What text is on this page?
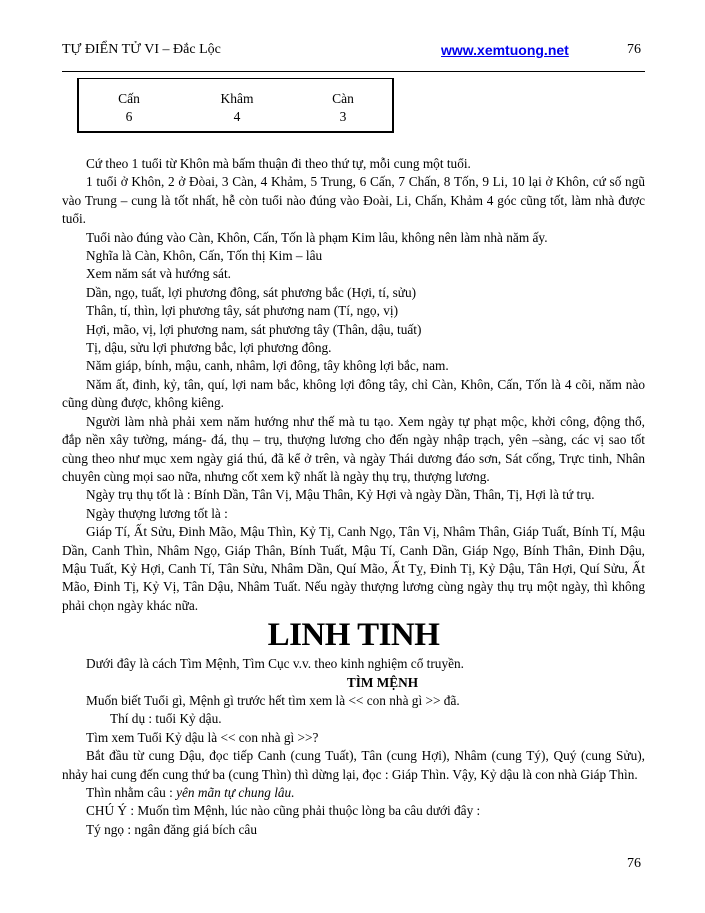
TỰ ĐIỂN TỬ VI – Đắc Lộc	www.xemtuong.net	76
Cấn	Khâm	Càn
6	4	3

Cứ theo 1 tuổi từ Khôn mà bấm thuận đi theo thứ tự, mỗi cung một tuổi.

1 tuổi ở Khôn, 2 ở Đòai, 3 Càn, 4 Khảm, 5 Trung, 6 Cấn, 7 Chấn, 8 Tốn, 9 Li, 10 lại ở Khôn, cứ số ngũ vào Trung – cung là tốt nhất, hễ còn tuổi nào đúng vào Đoài, Li, Chấn, Khảm 4 góc cũng tốt, làm nhà được tuổi.

Tuổi nào đúng vào Càn, Khôn, Cấn, Tốn là phạm Kim lâu, không nên làm nhà năm ấy.

Nghĩa là Càn, Khôn, Cấn, Tốn thị Kim – lâu

Xem năm sát và hướng sát.

Dần, ngọ, tuất, lợi phương đông, sát phương bắc (Hợi, tí, sửu)

Thân, tí, thìn, lợi phương tây, sát phương nam (Tí, ngọ, vị)

Hợi, mão, vị, lợi phương nam, sát phương tây (Thân, dậu, tuất)

Tị, dậu, sửu lợi phương bắc, lợi phương đông.

Năm giáp, bính, mậu, canh, nhâm, lợi đông, tây không lợi bắc, nam.

Năm ất, đinh, kỷ, tân, quí, lợi nam bắc, không lợi đông tây, chỉ Càn, Khôn, Cấn, Tốn là 4 cõi, năm nào cũng dùng được, không kiêng.

Người làm nhà phải xem năm hướng như thế mà tu tạo. Xem ngày tự phạt mộc, khởi công, động thổ, đắp nền xây tường, máng- đá, thụ – trụ, thượng lương cho đến ngày nhập trạch, yên –sàng, các vị sao tốt cùng theo như mục xem ngày giá thú, đã kể ở trên, và ngày Thái dương đáo sơn, Sát cống, Trực tinh, Nhân chuyên cùng mọi sao nữa, nhưng cốt xem kỹ nhất là ngày thụ trụ, thượng lương.

Ngày trụ thụ tốt là : Bính Dần, Tân Vị, Mậu Thân, Kỷ Hợi và ngày Dần, Thân, Tị, Hợi là tứ trụ.

Ngày thượng lương tốt là :

Giáp Tí, Ất Sửu, Đinh Mão, Mậu Thìn, Kỷ Tị, Canh Ngọ, Tân Vị, Nhâm Thân, Giáp Tuất, Bính Tí, Mậu Dần, Canh Thìn, Nhâm Ngọ, Giáp Thân, Bính Tuất, Mậu Tí, Canh Dần, Giáp Ngọ, Bính Thân, Đinh Dậu, Mậu Tuất, Kỷ Hợi, Canh Tí, Tân Sửu, Nhâm Dần, Quí Mão, Ất Tỵ, Đinh Tị, Kỷ Dậu, Tân Hợi, Quí Sửu, Ất Mão, Đinh Tị, Kỷ Vị, Tân Dậu, Nhâm Tuất. Nếu ngày thượng lương cùng ngày thụ trụ một ngày, thì không phải chọn ngày khác nữa.

LINH TINH

Dưới đây là cách Tìm Mệnh, Tìm Cục v.v. theo kinh nghiệm cổ truyền.

TÌM MỆNH

Muốn biết Tuổi gì, Mệnh gì trước hết tìm xem là << con nhà gì >> đã.

Thí dụ : tuổi Kỷ dậu.

Tìm xem Tuổi Kỷ dậu là << con nhà gì >>?

Bắt đầu từ cung Dậu, đọc tiếp Canh (cung Tuất), Tân (cung Hợi), Nhâm (cung Tý), Quý (cung Sửu), nhảy hai cung đến cung thứ ba (cung Thìn) thì dừng lại, đọc : Giáp Thìn. Vậy, Kỷ dậu là con nhà Giáp Thìn.

Thìn nhằm câu : yên mãn tự chung lâu.

CHÚ Ý : Muốn tìm Mệnh, lúc nào cũng phải thuộc lòng ba câu dưới đây :

Tý ngọ : ngân đăng giá bích câu

76
